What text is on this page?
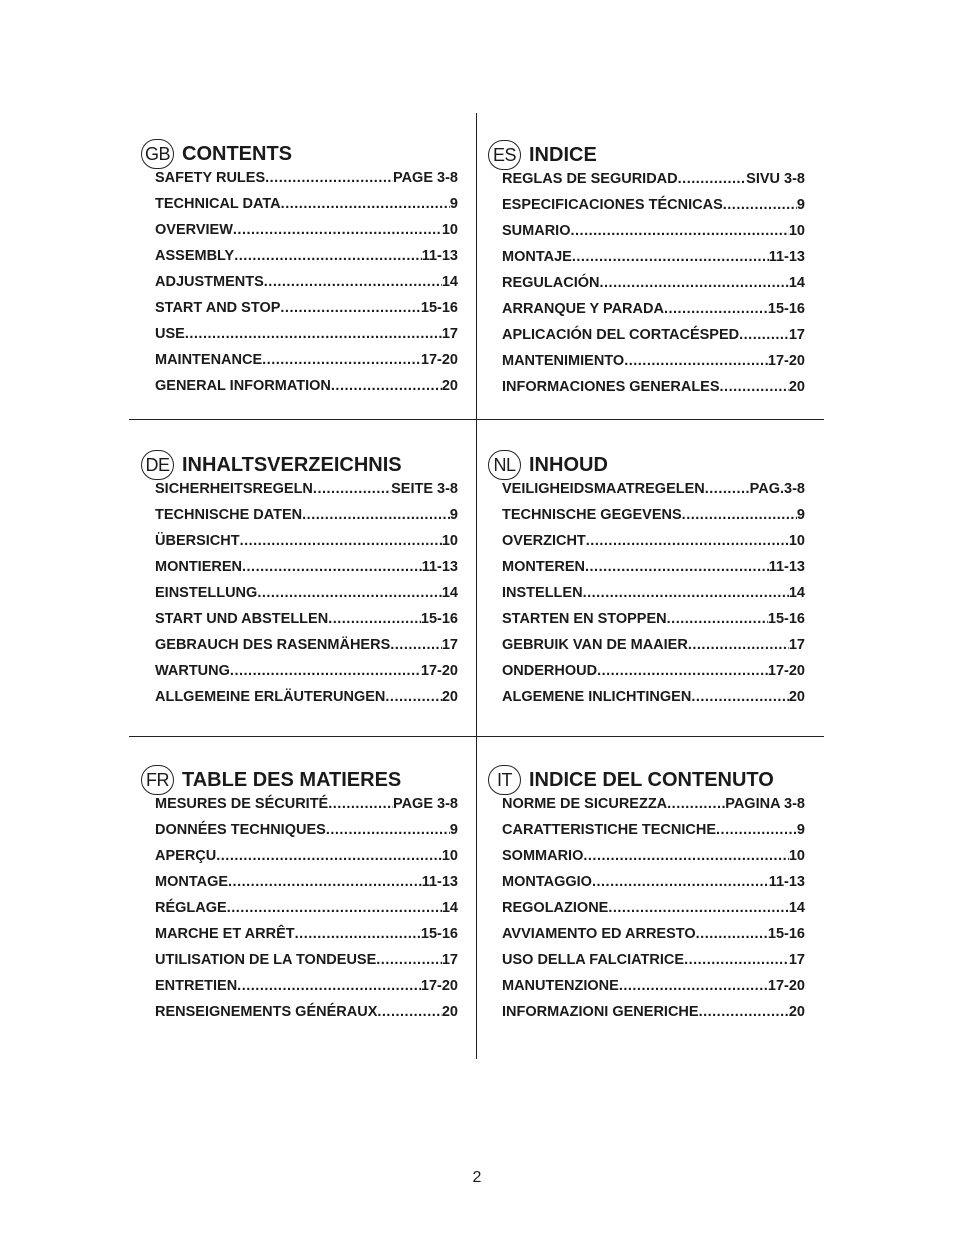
GB CONTENTS
SAFETY RULES .....	PAGE 3-8
TECHNICAL DATA .....	9
OVERVIEW .....	10
ASSEMBLY .....	11-13
ADJUSTMENTS .....	14
START AND STOP .....	15-16
USE .....	17
MAINTENANCE .....	17-20
GENERAL INFORMATION .....	20
ES INDICE
REGLAS DE SEGURIDAD .....	SIVU 3-8
ESPECIFICACIONES TÉCNICAS .....	9
SUMARIO .....	10
MONTAJE .....	11-13
REGULACIÓN .....	14
ARRANQUE Y PARADA .....	15-16
APLICACIÓN DEL CORTACÉSPED .....	17
MANTENIMIENTO .....	17-20
INFORMACIONES GENERALES .....	20
DE INHALTSVERZEICHNIS
SICHERHEITSREGELN .....	SEITE 3-8
TECHNISCHE DATEN .....	9
ÜBERSICHT .....	10
MONTIEREN .....	11-13
EINSTELLUNG .....	14
START UND ABSTELLEN .....	15-16
GEBRAUCH DES RASENMÄHERS .....	17
WARTUNG .....	17-20
ALLGEMEINE ERLÄUTERUNGEN .....	20
NL INHOUD
VEILIGHEIDSMAATREGELEN .....	PAG.3-8
TECHNISCHE GEGEVENS .....	9
OVERZICHT .....	10
MONTEREN .....	11-13
INSTELLEN .....	14
STARTEN EN STOPPEN .....	15-16
GEBRUIK VAN DE MAAIER .....	17
ONDERHOUD .....	17-20
ALGEMENE INLICHTINGEN .....	20
FR TABLE DES MATIERES
MESURES DE SÉCURITÉ .....	PAGE 3-8
DONNÉES TECHNIQUES .....	9
APERÇU .....	10
MONTAGE .....	11-13
RÉGLAGE .....	14
MARCHE ET ARRÊT .....	15-16
UTILISATION DE LA TONDEUSE .....	17
ENTRETIEN .....	17-20
RENSEIGNEMENTS GÉNÉRAUX .....	20
IT INDICE DEL CONTENUTO
NORME DE SICUREZZA .....	PAGINA 3-8
CARATTERISTICHE TECNICHE .....	9
SOMMARIO .....	10
MONTAGGIO .....	11-13
REGOLAZIONE .....	14
AVVIAMENTO ED ARRESTO .....	15-16
USO DELLA FALCIATRICE .....	17
MANUTENZIONE .....	17-20
INFORMAZIONI GENERICHE .....	20
2
